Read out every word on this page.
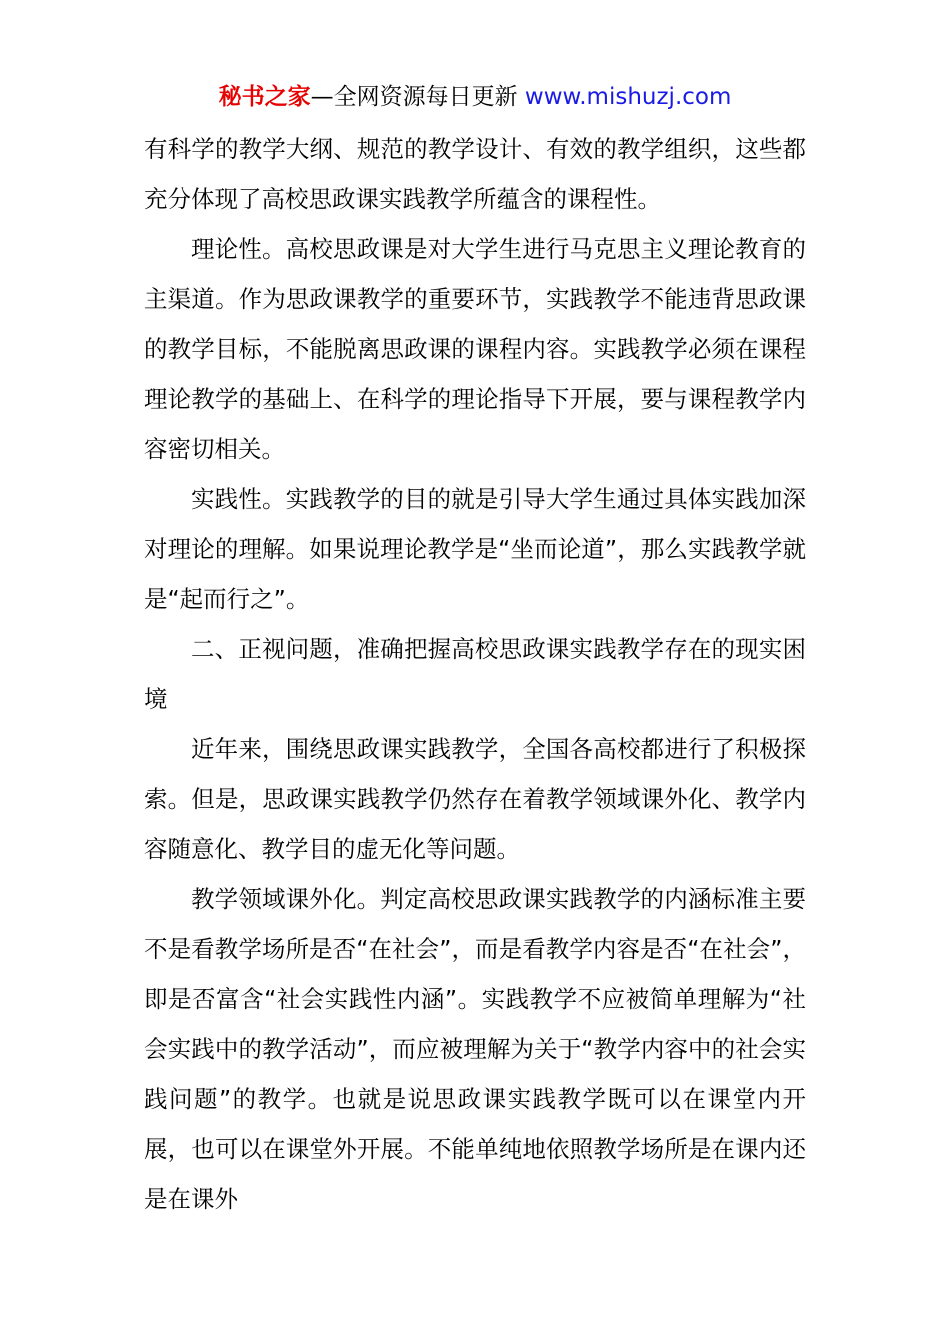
秘书之家—全网资源每日更新 www.mishuzj.com

有科学的教学大纲、规范的教学设计、有效的教学组织，这些都充分体现了高校思政课实践教学所蕴含的课程性。

理论性。高校思政课是对大学生进行马克思主义理论教育的主渠道。作为思政课教学的重要环节，实践教学不能违背思政课的教学目标，不能脱离思政课的课程内容。实践教学必须在课程理论教学的基础上、在科学的理论指导下开展，要与课程教学内容密切相关。

实践性。实践教学的目的就是引导大学生通过具体实践加深对理论的理解。如果说理论教学是“坐而论道”，那么实践教学就是“起而行之”。

二、正视问题，准确把握高校思政课实践教学存在的现实困境

近年来，围绕思政课实践教学，全国各高校都进行了积极探索。但是，思政课实践教学仍然存在着教学领域课外化、教学内容随意化、教学目的虚无化等问题。

教学领域课外化。判定高校思政课实践教学的内涵标准主要不是看教学场所是否“在社会”，而是看教学内容是否“在社会”，即是否富含“社会实践性内涵”。实践教学不应被简单理解为“社会实践中的教学活动”，而应被理解为关于“教学内容中的社会实践问题”的教学。也就是说思政课实践教学既可以在课堂内开展，也可以在课堂外开展。不能单纯地依照教学场所是在课内还是在课外
